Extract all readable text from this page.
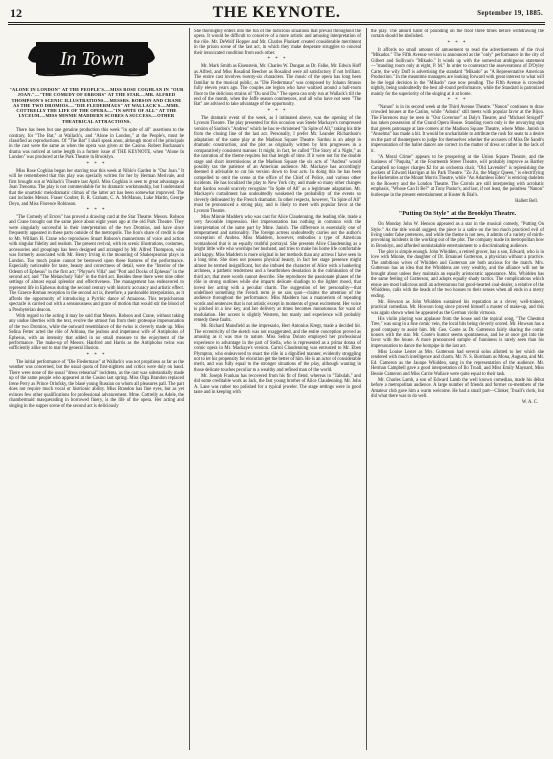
12	THE KEYNOTE.	September 19, 1885.
In Town
"ALONE IN LONDON" AT THE PEOPLE'S.—MISS ROSE COGHLAN IN "OUR JOAN."—"THE COMEDY OF ERRORS" AT THE STAR.—MR. ALFRED THOMPSON'S SCENIC ILLUSTRATIONS.—MESSRS. ROBSON AND CRANE AS THE TWO DROMIOS.—"DIE FLEDERMAUS" AT WALLACK'S.—MME. COTTRELLY THE LIFE OF THE OPERA.—"IN SPITE OF ALL" AT THE LYCEUM.—MISS MINNIE MADDERN SCORES A SUCCESS.—OTHER THEATRICAL ATTRACTIONS.

There has been but one genuine production this week "in spite of all" assertions to the contrary, for "The Bat," at Wallack's, and "Alone in London," at the People's, must be classified as reproductions. Of "The Bat" I shall speak anon, although most of the principals in the cast were the same as when the opera was given at the Casino. Robert Buchanan's drama was noticed at some length in a former issue of THE KEYNOTE, when "Alone In London" was produced at the Park Theatre in Brooklyn.

* * *

Miss Rose Coghlan began her starring tour this week at Niblo's Garden in "Our Joan." It will be remembered that this play was specially written for her by Herman Merivale, and first brought out at Wallack's Theatre last April. Miss Coghlan is seen to great advantage as Joan Trenoma. The play is not commendable for its dramatic workmanship, but I understand that the unartistic melodramatic climax of the latter act has been somewhat improved. The cast includes Messrs. Fraser Coulter, B. R. Graham, C. A. McManus, Luke Martin, George Deyo, and Miss Florence Robinson.

* * *

"The Comedy of Errors" has proved a drawing card at the Star Theatre. Messrs. Robson and Crane brought out the same piece about eight years ago at the old Park Theatre. They were singularly successful in their interpretation of the two Dromios, and have since frequently appeared in these parts outside of the metropolis. The lion's share of credit is due to Mr. William H. Crane who reproduces Stuart Robson's mannerisms of voice and action with singular fidelity and realism. The present revival, with its scenic illustrations, costumes, accessories and groupings has been designed and arranged by Mr. Alfred Thompson, who was formerly associated with Mr. Henry Irving in the mounting of Shakespearian plays in London. Too much praise cannot be bestowed upon these features of the performance. Especially noticeable for taste, beauty and correctness of detail, were the "Interior of the Odeum of Ephesus" in the first act; "Phryne's Villa" and "Port and Docks of Ephesus" in the second act; and "The Melancholy Vale" in the third act. Besides these there were nine other settings of almost equal splendor and effectiveness. The management has endeavored to represent life in Ephesus during the second century with historic accuracy and artistic effect. The Graeco-Roman reception in the second act is, therefore, a pardonable interpolation, as it affords the opportunity of introducing a Pyrrhic dance of Amazons. This terpsichorean spectacle is carried out with a sensuousness and grace of motion that would stir the blood of a Presbyterian deacon.

With regard to the acting it may be said that Messrs. Robson and Crane, without taking any undue liberties with the text, evolve the utmost fun from their grotesque impersonation of the two Dromios, while the outward resemblance of the twins is cleverly made up. Miss Selina Fetter acted the rôle of Adriana, the jealous and impetuous wife of Antipholus of Ephesus, with an intensity that added in no small measure to the enjoyment of the performance. The make-up of Messrs. Hanford and Harris as the Antipholus twins was sufficiently alike not to mar the general illusion.

* * *

The initial performance of "Die Fledermaus" at Wallack's was not propitious as far as the weather was concerned, but the usual quota of first-nighters and critics were duly on hand. There were none of the usual "dress rehearsal" incidents, as the cast was substantially made up of the same people who appeared at the Casino last spring. Miss Olga Brandon replaced Irene Perry as Prince Orlofsky, the blasé young Russian on whom all pleasures pall. The part does not require much vocal or histrionic ability. Miss Brandon has fine eyes, but as yet evinces few other qualifications for professional advancement. Mme. Cottrelly as Adele, the chambermaid masquerading in borrowed finery, is the life of the opera. Her acting and singing in the supper scene of the second act is deliciously

She thoroughly enters into the fun of the ludicrous situations that prevail throughout the opera. It would be difficult to conceive of a more artistic and amusing interpretation of the rôle. Mr. DeWolf Hopper and Mr. Charles Plunkett created considerable merriment in the prison scene of the last act, in which they make desperate struggles to conceal their intoxicated condition from each other.

* * *

Mr. Mark Smith as Eisenstein, Mr. Charles W. Dungan as Dr. Falke, Mr. Edwin Hoff as Alfred, and Miss Rosalind Beecher as Rosalind were all satisfactory if not brilliant. The entire cast involves twenty-six characters. The music of the opera has long been familiar to the musical public, as "Die Fledermaus" was composed by Johann Strauss fully eleven years ago. The couples are legion who have waltzed around a ball-room floor to the delicious strains of "Du und Du." The opera can only run at Wallack's till the end of the month, when the Joffe season commences, and all who have not seen "The Bat" are advised to take advantage of the opportunity.

* * *

The dramatic event of the week, as I intimated above, was the opening of the Lyceum Theatre. The play presented for this occasion was Steele Mackaye's compressed version of Sardou's "Andrea" which he has re-christened "In Spite of All," taking his title from the closing line of the last act. Personally, I prefer Mr. Leander Richardson's adaptation of the same play at the Madison Square Theatre. Sardou is an adept in dramatic construction, and the plot as originally written by him progresses in a comparatively consistent manner. It might, in fact, be called "The Story of a Night," as the narration of the theme requires but that length of time. If it were not for the double stage and short intermissions at the Madison Square the six acts of "Andrea" would possibly tax the patience of an American audience. Mr. Mackaye has accordingly deemed it advisable to cut his version down to four acts. In doing this he has been compelled to omit the scene at the office of the Chief of Police, and various other incidents. He has localized the play to New York city, and made so many other changes that Sardou would scarcely recognize "In Spite of All" as a legitimate adaptation. Mr. Mackaye's curtailment has undoubtedly weakened the probability of the events so cleverly delineated by the French dramatist. In other respects, however, "In Spite of All" must be pronounced a strong play, and is likely to meet with popular favor at the Lyceum Theatre.

Miss Minnie Maddern who was cast for Alice Claudenning, the leading rôle, made a very favorable impression. Her impersonation has nothing in common with the interpretation of the same part by Mme. Janish. The difference is essentially one of temperament and nationality. The foreign actress undoubtedly carries out the author's conception of Andrea. Miss Maddern, however, embodies a type of American womanhood that is an equally truthful portrayal. She presents Alice Claudenning as a bright little wife who worships her husband, and tries to make his home life comfortable and happy. Miss Maddern is more original in her methods than any actress I have seen in a long time. She does not possess physical beauty, in fact her stage presence might almost be termed insignificant, but she imbued the character of Alice with a hankering archness, a pathetic tenderness and a heartbroken desolation in the culmination of the third act, that mere words cannot describe. She reproduces the passionate phases of the rôle in strong outlines while she imparts delicate shadings to the lighter mood, that invest her acting with a peculiar charm. The suggestion of her personality—that undefined something the French term je ne sais quoi—claims the attention of the audience throughout the performance. Miss Maddern has a mannerism of repeating words and sentences that is not artistic except in moments of great excitement. Her voice is pitched in a low key, and her delivery at times becomes monotonous for want of modulation. Her accent is slightly Western, but manly and experience will probably remedy these faults.

Mr. Richard Mansfield as the impresario, Herr Antonius Kregt, made a decided hit. The eccentricity of the sketch was not exaggerated, and the entire conception proved as amusing as it was true to nature. Miss Selina Dolaro employed her professional experience to advantage in the part of Stella, who is represented as a prima donna of comic opera in Mr. Mackaye's version. Carrol Claudenning was entrusted to Mr. Eben Plympton, who endeavored to enact the rôle in a dignified manner, evidently struggling not to let his propensity for elocution get the better of him. He is an actor of considerable merit, and was fully equal to the stronger situations of the play, although wanting in those delicate touches peculiar to a wealthy and refined man of the world.

Mr. Joseph Frankau has recovered from his fit of fiend, whereas in "Tabulah," and did some creditable work as Jack, the fast young brother of Alice Claudenning. Mr. John A. Lane was rather too polished for a typical jeweler. The stage settings were in good taste and in keeping with

the play. The absurd habit of pounding on the floor three times before withdrawing the curtain should be abolished.

* * *

It affords no small amount of amusement to read the advertisements of the rival "Mikados." The Fifth Avenue version is announced as the "only" performance in the city of Gilbert and Sullivan's "Mikado." It winds up with the somewhat ambiguous statement—"standing room only at eight, P. M." In order to counteract the asseverations of D'Oyley Carte, the wily Duff is advertising the standard "Mikado" as "A Representative American Production." In the meantime managers are looking forward with great interest to what will be the legal decision in the "Mikado" case now pending. The Fifth Avenue is crowded nightly, being undoubtedly the best all-round performance, while the Standard is patronized mainly for the superiority of the singing at it at home.

* * *

"Nanon" is in its second week at the Third Avenue Theatre. "Nanon" continues to draw crowded houses at the Casino, while "Adonis" still meets with popular favor at the Bijou. The Florences may be seen in "Our Governor" at Daly's Theatre, and "Michael Strogoff" has taken possession of the Grand Opera House. Standing room only is the unvarying sign that greets patronage at late comers at the Madison Square Theatre, where Mme. Janish in "Anselma" has made a hit. It would be uncharitable to attribute the rush for seats to a desire on the part of theatergoers to judge for themselves whether the accusers of Miss De Sandt's impersonation of the ballet dancer are correct in the matter of dress or rather in the lack of it.

"A Moral Crime" appears to be prospering at the Union Square Theatre, and the business of "Paquita," at the Fourteenth Street Theatre, will probably improve as Bartley Campbell no longer charges $2 for an orchestra chair. "Old Lavender" is replenishing the pockets of Edward Harrigan at his Park Theatre. "Zo Zo, the Magic Queen," is electrifying the Harlemites at the Mount Morris Theatre, while "An Adamless Eden" is enticing dudelets to the Bowery and the London Theatre. The Carrols are still interpreting with acrobatic emphasis, "Whose Can It Be?" at Tony Pastor's, and last, if not least, the pointless "Nanon" burlesque in the present entertainment at Koster & Bial's.

Hallett Bell.
"Putting On Style" at the Brooklyn Theatre.

On Monday John W. Henson appeared as a star in the musical comedy, "Putting On Style." As the title would suggest, the piece is a satire on the too much practiced evil of living under false pretences, and while the theme is not new, it admits of a variety of mirth-provoking incidents in the working out of the plot. The company made its metropolitan bow in Brooklyn, and afforded unmistakable entertainment to a discriminating audience.

The plot is simple enough. John Whidden, a retired grocer, has a son, Edward, who is in love with Minnie, the daughter of Dr. Emanuel Gutterson, a physician without a practice. The ambitious wives of Whidden and Gutterson are both anxious for the match. Mrs. Gutterson has an idea that the Whiddens are very wealthy, and the alliance will not be brought about unless they maintain an equally aristocratic appearance. Mrs. Whidden has the same feeling of Gutterson, and adopts equally shady tactics. The complications which ensue are most ludicrous until an adventurous but good-hearted coal-dealer, a relative of the Whiddens, calls with the heads of the two houses to their senses when all ends in a merry ending.

Mr. Howson as John Whidden sustained his reputation as a clever, well-trained, practical comedian. Mr. Howson long since proved himself a master of make-up, and this was again shown when he appeared as the German violin virtuoso.

His violin playing was applause from the house and the topical song, "The Chestnut Tree," was sung in a fine comic vein, the local hits being cleverly scored. Mr. Howson has a good company to assist him. Mr. Geo. Coote as Dr. Gutterson fairly sharing the comic honors with the star. Mr. Coote's humor seems spontaneous, and he at once got into the favor with the house. A more pronounced sample of funniness is rarely seen than his impersonation to dance the hornpipe in the last act.

Miss Louise Lester as Mrs. Gutterson had several solos allotted to her which she rendered with much intelligence and charm. Mr. N. S. Burnham as Mona, Augusta, and Mr. Ed. Cameron as the Jaunpe Whidden, sang in the representation of the audience. Mr. Herman Campbell gave a good interpretation of Ilo Troall, and Miss Emily Maynard, Miss Bessie Cameron and Miss Carrie Wallace were quite equal to their task.

Mr. Charles Lamb, a son of Edward Lamb the well known comedian, made his début before a metropolitan audience. A large number of friends and former co-members of the Amateur club gave him a warm welcome. He had a small part—Clinker, Troall's clerk, but did what there was to do well.

W. A. C.
